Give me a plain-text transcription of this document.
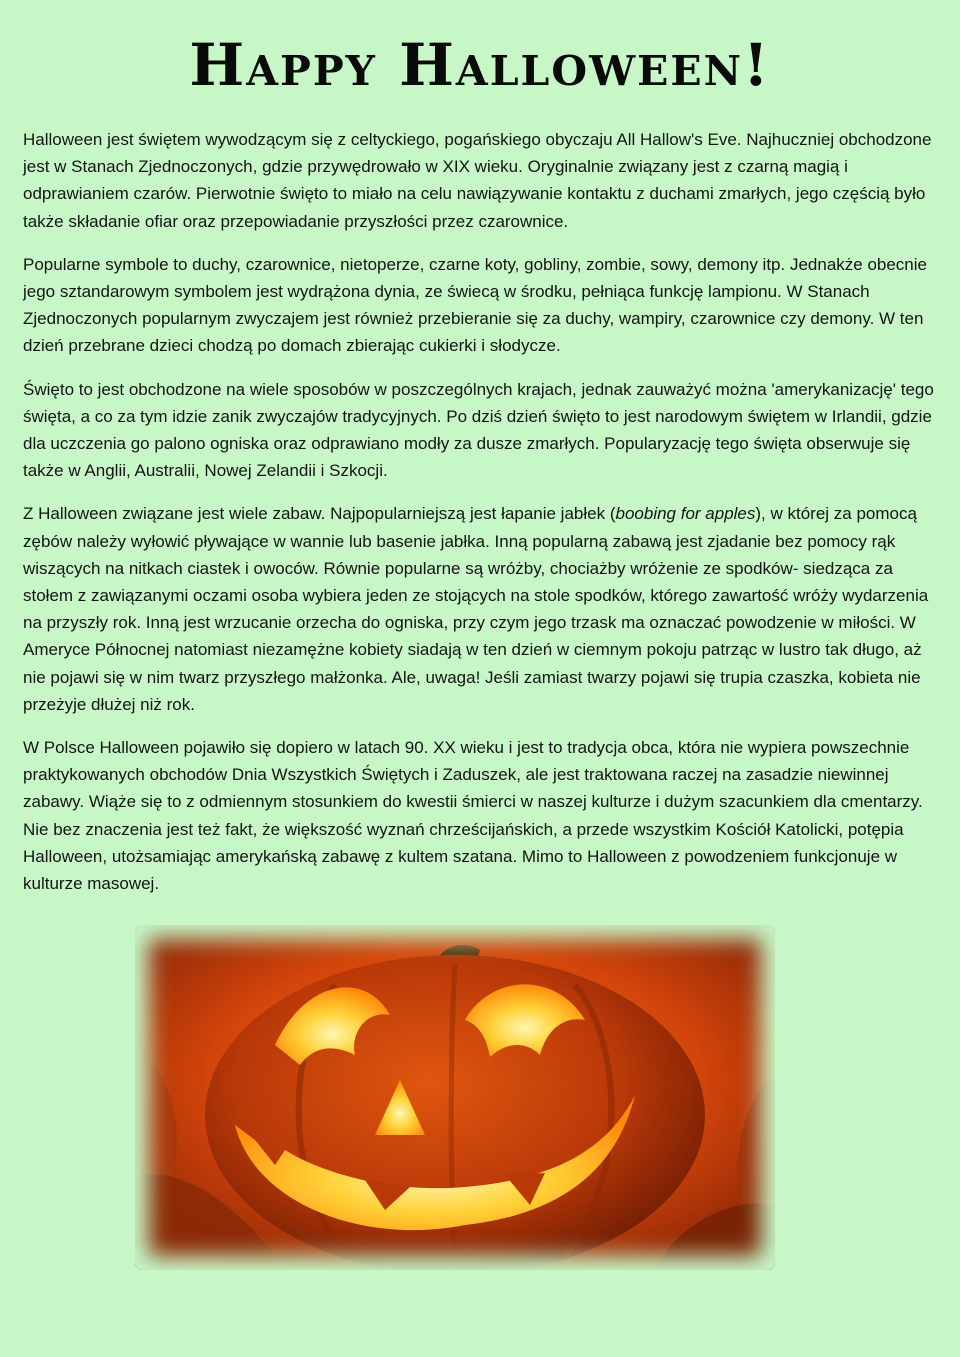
Happy Halloween!

Halloween jest świętem wywodzącym się z celtyckiego, pogańskiego obyczaju All Hallow's Eve. Najhuczniej obchodzone jest w Stanach Zjednoczonych, gdzie przywędrowało w XIX wieku. Oryginalnie związany jest z czarną magią i odprawianiem czarów. Pierwotnie święto to miało na celu nawiązywanie kontaktu z duchami zmarłych, jego częścią było także składanie ofiar oraz przepowiadanie przyszłości przez czarownice.

Popularne symbole to duchy, czarownice, nietoperze, czarne koty, gobliny, zombie, sowy, demony itp. Jednakże obecnie jego sztandarowym symbolem jest wydrążona dynia, ze świecą w środku, pełniąca funkcję lampionu. W Stanach Zjednoczonych popularnym zwyczajem jest również przebieranie się za duchy, wampiry, czarownice czy demony. W ten dzień przebrane dzieci chodzą po domach zbierając cukierki i słodycze.

Święto to jest obchodzone na wiele sposobów w poszczególnych krajach, jednak zauważyć można 'amerykanizację' tego święta, a co za tym idzie zanik zwyczajów tradycyjnych. Po dziś dzień święto to jest narodowym świętem w Irlandii, gdzie dla uczczenia go palono ogniska oraz odprawiano modły za dusze zmarłych. Popularyzację tego święta obserwuje się także w Anglii, Australii, Nowej Zelandii i Szkocji.

Z Halloween związane jest wiele zabaw. Najpopularniejszą jest łapanie jabłek (boobing for apples), w której za pomocą zębów należy wyłowić pływające w wannie lub basenie jabłka. Inną popularną zabawą jest zjadanie bez pomocy rąk wiszących na nitkach ciastek i owoców. Równie popularne są wróżby, chociażby wróżenie ze spodków- siedząca za stołem z zawiązanymi oczami osoba wybiera jeden ze stojących na stole spodków, którego zawartość wróży wydarzenia na przyszły rok. Inną jest wrzucanie orzecha do ogniska, przy czym jego trzask ma oznaczać powodzenie w miłości. W Ameryce Północnej natomiast niezamężne kobiety siadają w ten dzień w ciemnym pokoju patrząc w lustro tak długo, aż nie pojawi się w nim twarz przyszłego małżonka. Ale, uwaga! Jeśli zamiast twarzy pojawi się trupia czaszka, kobieta nie przeżyje dłużej niż rok.

W Polsce Halloween pojawiło się dopiero w latach 90. XX wieku i jest to tradycja obca, która nie wypiera powszechnie praktykowanych obchodów Dnia Wszystkich Świętych i Zaduszek, ale jest traktowana raczej na zasadzie niewinnej zabawy. Wiąże się to z odmiennym stosunkiem do kwestii śmierci w naszej kulturze i dużym szacunkiem dla cmentarzy. Nie bez znaczenia jest też fakt, że większość wyznań chrześcijańskich, a przede wszystkim Kościół Katolicki, potępia Halloween, utożsamiając amerykańską zabawę z kultem szatana. Mimo to Halloween z powodzeniem funkcjonuje w kulturze masowej.
